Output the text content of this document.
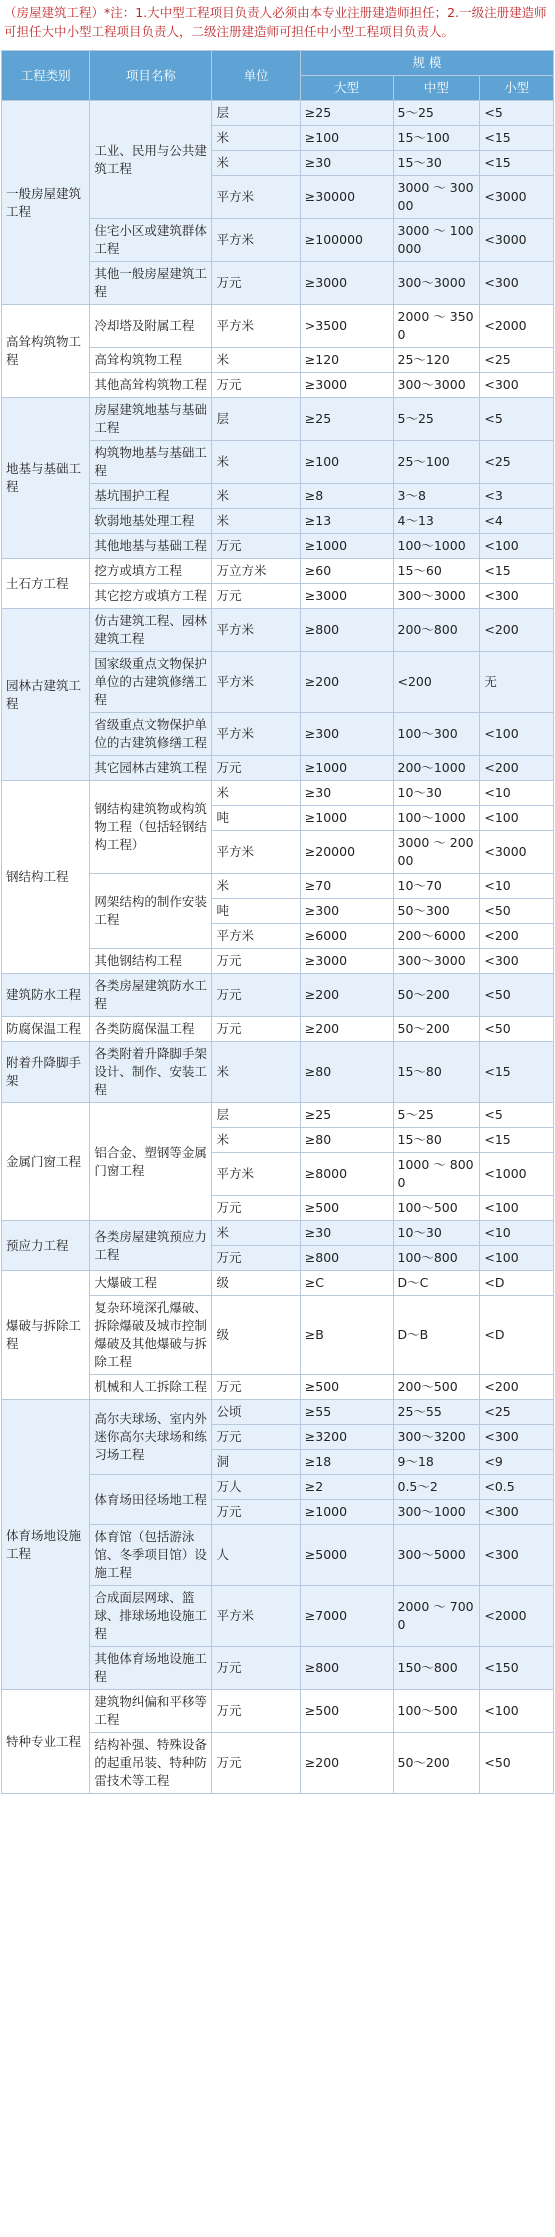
（房屋建筑工程）*注：1.大中型工程项目负责人必须由本专业注册建造师担任；2.一级注册建造师可担任大中小型工程项目负责人，二级注册建造师可担任中小型工程项目负责人。
工程类别	项目名称	单位	规 模		
			大型	中型	小型
一般房屋建筑工程	工业、民用与公共建筑工程	层	≥25	5～25	<5
		米	≥100	15～100	<15
		米	≥30	15～30	<15
		平方米	≥30000	3000 ～ 30000	<3000
	住宅小区或建筑群体工程	平方米	≥100000	3000 ～ 100000	<3000
	其他一般房屋建筑工程	万元	≥3000	300～3000	<300
高耸构筑物工程	冷却塔及附属工程	平方米	>3500	2000 ～ 3500	<2000
	高耸构筑物工程	米	≥120	25～120	<25
	其他高耸构筑物工程	万元	≥3000	300～3000	<300
地基与基础工程	房屋建筑地基与基础工程	层	≥25	5～25	<5
	构筑物地基与基础工程	米	≥100	25～100	<25
	基坑围护工程	米	≥8	3～8	<3
	软弱地基处理工程	米	≥13	4～13	<4
	其他地基与基础工程	万元	≥1000	100～1000	<100
土石方工程	挖方或填方工程	万立方米	≥60	15～60	<15
	其它挖方或填方工程	万元	≥3000	300～3000	<300
园林古建筑工程	仿古建筑工程、园林建筑工程	平方米	≥800	200～800	<200
	国家级重点文物保护单位的古建筑修缮工程	平方米	≥200	<200	无
	省级重点文物保护单位的古建筑修缮工程	平方米	≥300	100～300	<100
	其它园林古建筑工程	万元	≥1000	200～1000	<200
钢结构工程	钢结构建筑物或构筑物工程（包括轻钢结构工程）	米	≥30	10～30	<10
		吨	≥1000	100～1000	<100
		平方米	≥20000	3000 ～ 20000	<3000
	网架结构的制作安装工程	米	≥70	10～70	<10
		吨	≥300	50～300	<50
		平方米	≥6000	200～6000	<200
	其他钢结构工程	万元	≥3000	300～3000	<300
建筑防水工程	各类房屋建筑防水工程	万元	≥200	50～200	<50
防腐保温工程	各类防腐保温工程	万元	≥200	50～200	<50
附着升降脚手架	各类附着升降脚手架设计、制作、安装工程	米	≥80	15～80	<15
金属门窗工程	铝合金、塑钢等金属门窗工程	层	≥25	5～25	<5
		米	≥80	15～80	<15
		平方米	≥8000	1000 ～ 8000	<1000
		万元	≥500	100～500	<100
预应力工程	各类房屋建筑预应力工程	米	≥30	10～30	<10
		万元	≥800	100～800	<100
爆破与拆除工程	大爆破工程	级	≥C	D～C	<D
	复杂环境深孔爆破、拆除爆破及城市控制爆破及其他爆破与拆除工程	级	≥B	D～B	<D
	机械和人工拆除工程	万元	≥500	200～500	<200
体育场地设施工程	高尔夫球场、室内外迷你高尔夫球场和练习场工程	公顷	≥55	25～55	<25
		万元	≥3200	300～3200	<300
		洞	≥18	9～18	<9
	体育场田径场地工程	万人	≥2	0.5～2	<0.5
		万元	≥1000	300～1000	<300
	体育馆（包括游泳馆、冬季项目馆）设施工程	人	≥5000	300～5000	<300
	合成面层网球、篮球、排球场地设施工程	平方米	≥7000	2000 ～ 7000	<2000
	其他体育场地设施工程	万元	≥800	150～800	<150
特种专业工程	建筑物纠偏和平移等工程	万元	≥500	100～500	<100
	结构补强、特殊设备的起重吊装、特种防雷技术等工程	万元	≥200	50～200	<50
